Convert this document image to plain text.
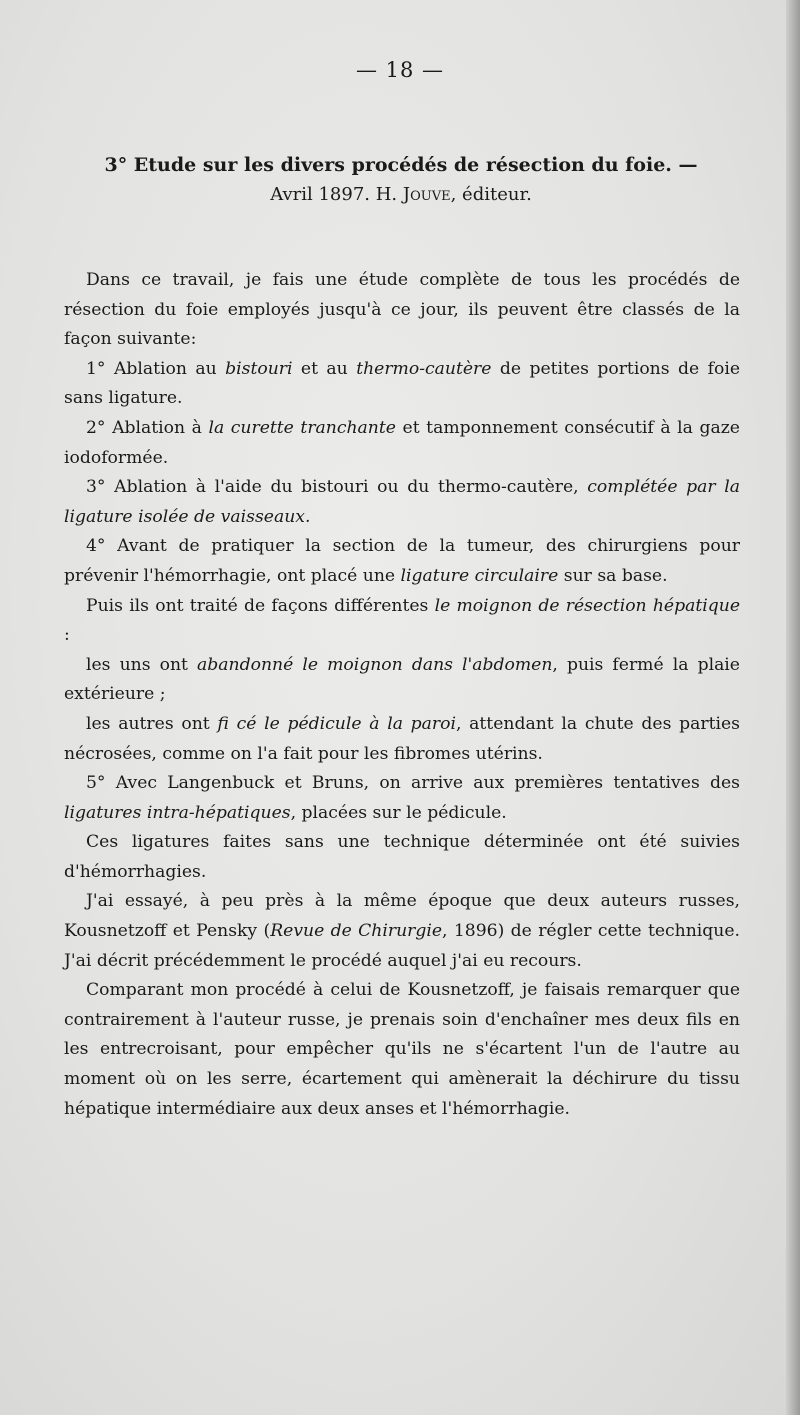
— 18 —
3° Etude sur les divers procédés de résection du foie. —
Avril 1897. H. Jouve, éditeur.

Dans ce travail, je fais une étude complète de tous les procédés de résection du foie employés jusqu'à ce jour, ils peuvent être classés de la façon suivante:

1° Ablation au bistouri et au thermo-cautère de petites portions de foie sans ligature.

2° Ablation à la curette tranchante et tamponnement consécutif à la gaze iodoformée.

3° Ablation à l'aide du bistouri ou du thermo-cautère, complétée par la ligature isolée de vaisseaux.

4° Avant de pratiquer la section de la tumeur, des chirurgiens pour prévenir l'hémorrhagie, ont placé une ligature circulaire sur sa base.

Puis ils ont traité de façons différentes le moignon de résection hépatique :

les uns ont abandonné le moignon dans l'abdomen, puis fermé la plaie extérieure ;

les autres ont fi cé le pédicule à la paroi, attendant la chute des parties nécrosées, comme on l'a fait pour les fibromes utérins.

5° Avec Langenbuck et Bruns, on arrive aux premières tentatives des ligatures intra-hépatiques, placées sur le pédicule.

Ces ligatures faites sans une technique déterminée ont été suivies d'hémorrhagies.

J'ai essayé, à peu près à la même époque que deux auteurs russes, Kousnetzoff et Pensky (Revue de Chirurgie, 1896) de régler cette technique. J'ai décrit précédemment le procédé auquel j'ai eu recours.

Comparant mon procédé à celui de Kousnetzoff, je faisais remarquer que contrairement à l'auteur russe, je prenais soin d'enchaîner mes deux fils en les entrecroisant, pour empêcher qu'ils ne s'écartent l'un de l'autre au moment où on les serre, écartement qui amènerait la déchirure du tissu hépatique intermédiaire aux deux anses et l'hémorrhagie.
